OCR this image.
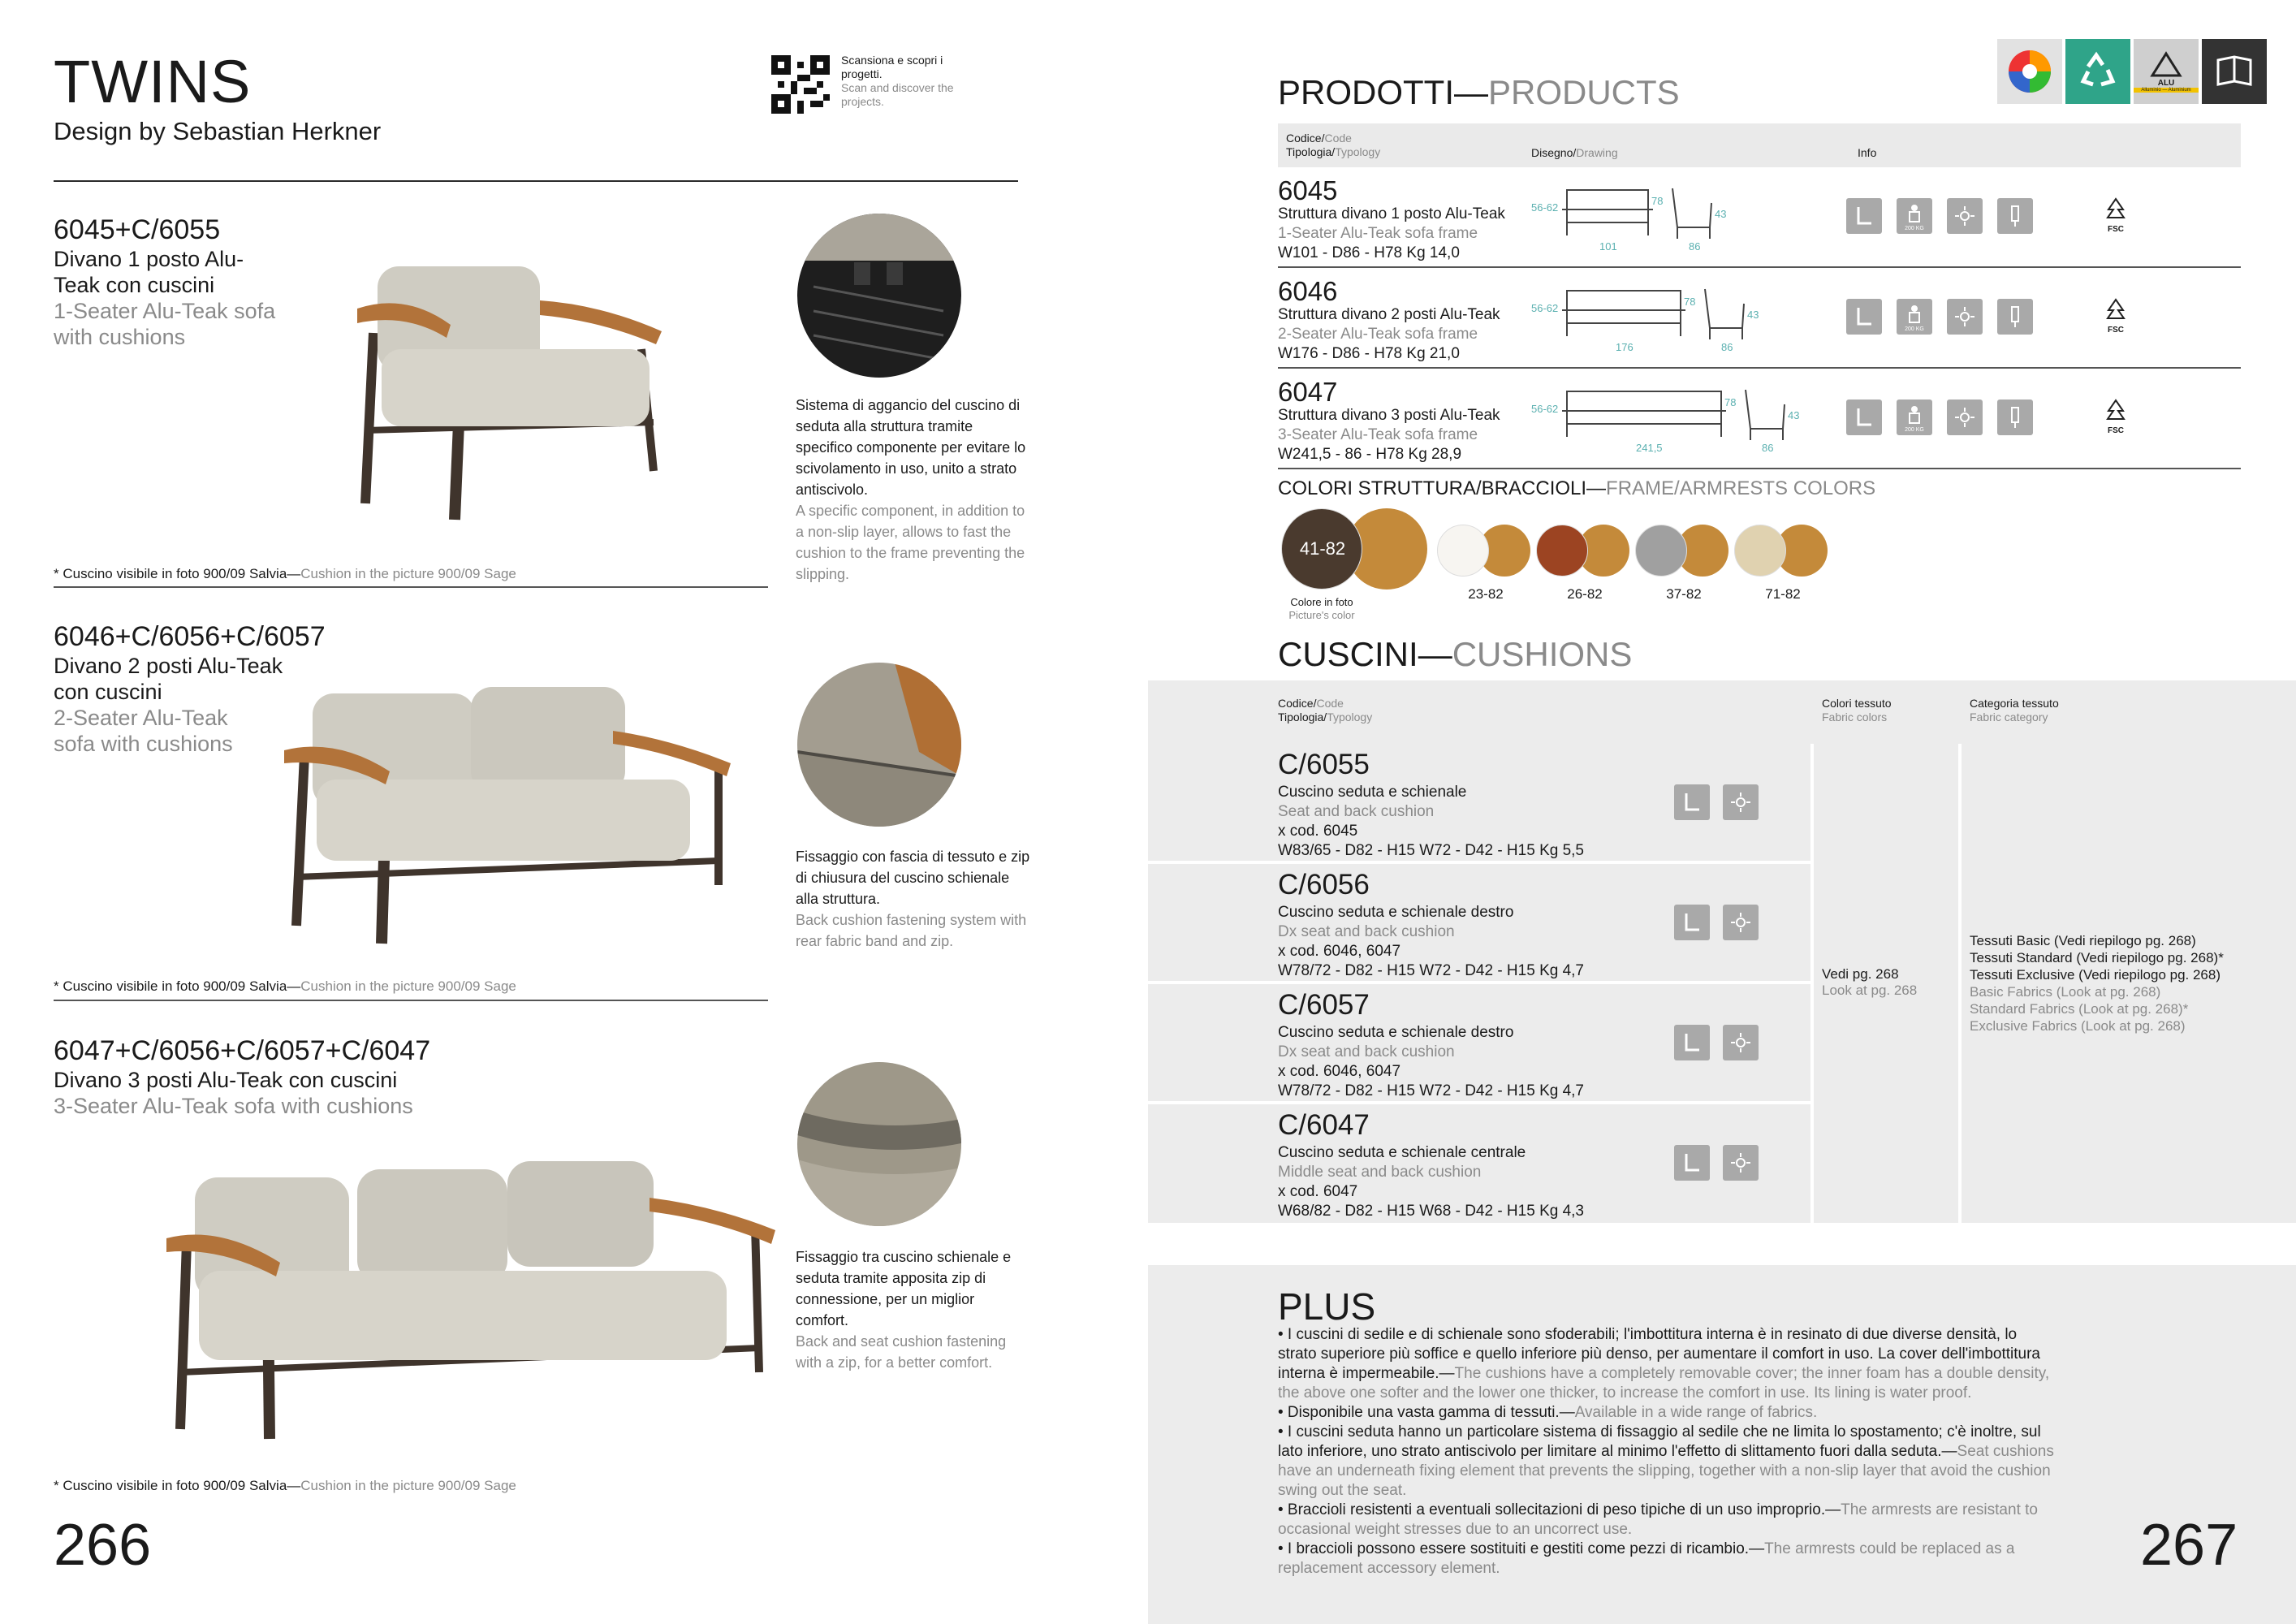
TWINS
Design by Sebastian Herkner
Scansiona e scopri i progetti.
Scan and discover the projects.
6045+C/6055
Divano 1 posto Alu-Teak con cuscini
1-Seater Alu-Teak sofa with cushions
Sistema di aggancio del cuscino di seduta alla struttura tramite specifico componente per evitare lo scivolamento in uso, unito a strato antiscivolo.
A specific component, in addition to a non-slip layer, allows to fast the cushion to the frame preventing the slipping.
* Cuscino visibile in foto 900/09 Salvia—Cushion in the picture 900/09 Sage
6046+C/6056+C/6057
Divano 2 posti Alu-Teak con cuscini
2-Seater Alu-Teak sofa with cushions
Fissaggio con fascia di tessuto e zip di chiusura del cuscino schienale alla struttura.
Back cushion fastening system with rear fabric band and zip.
* Cuscino visibile in foto 900/09 Salvia—Cushion in the picture 900/09 Sage
6047+C/6056+C/6057+C/6047
Divano 3 posti Alu-Teak con cuscini
3-Seater Alu-Teak sofa with cushions
Fissaggio tra cuscino schienale e seduta tramite apposita zip di connessione, per un miglior comfort.
Back and seat cushion fastening with a zip, for a better comfort.
* Cuscino visibile in foto 900/09 Salvia—Cushion in the picture 900/09 Sage
266
ALU
Alluminio — Aluminium
PRODOTTI—PRODUCTS
Codice/Code
Tipologia/Typology	Disegno/Drawing	Info
6045
Struttura divano 1 posto Alu-Teak
1-Seater Alu-Teak sofa frame
W101 - D86 - H78 Kg 14,0
56-62
101
78
86
43
200 KG	FSC
6046
Struttura divano 2 posti Alu-Teak
2-Seater Alu-Teak sofa frame
W176 - D86 - H78 Kg 21,0
56-62
176
78
86
43
200 KG	FSC
6047
Struttura divano 3 posti Alu-Teak
3-Seater Alu-Teak sofa frame
W241,5 - 86 - H78 Kg 28,9
56-62
241,5
78
86
43
200 KG	FSC
COLORI STRUTTURA/BRACCIOLI—FRAME/ARMRESTS COLORS
41-82
Colore in foto
Picture's color
23-82	26-82	37-82	71-82
CUSCINI—CUSHIONS
Codice/Code
Tipologia/Typology
Colori tessuto
Fabric colors
Categoria tessuto
Fabric category
C/6055
Cuscino seduta e schienale
Seat and back cushion
x cod. 6045
W83/65 - D82 - H15 W72 - D42 - H15 Kg 5,5
C/6056
Cuscino seduta e schienale destro
Dx seat and back cushion
x cod. 6046, 6047
W78/72 - D82 - H15 W72 - D42 - H15 Kg 4,7
C/6057
Cuscino seduta e schienale destro
Dx seat and back cushion
x cod. 6046, 6047
W78/72 - D82 - H15 W72 - D42 - H15 Kg 4,7
C/6047
Cuscino seduta e schienale centrale
Middle seat and back cushion
x cod. 6047
W68/82 - D82 - H15 W68 - D42 - H15 Kg 4,3
Vedi pg. 268
Look at pg. 268
Tessuti Basic (Vedi riepilogo pg. 268)
Tessuti Standard (Vedi riepilogo pg. 268)*
Tessuti Exclusive (Vedi riepilogo pg. 268)
Basic Fabrics (Look at pg. 268)
Standard Fabrics (Look at pg. 268)*
Exclusive Fabrics (Look at pg. 268)
PLUS
• I cuscini di sedile e di schienale sono sfoderabili; l'imbottitura interna è in resinato di due diverse densità, lo strato superiore più soffice e quello inferiore più denso, per aumentare il comfort in uso. La cover dell'imbottitura interna è impermeabile.—The cushions have a completely removable cover; the inner foam has a double density, the above one softer and the lower one thicker, to increase the comfort in use. Its lining is water proof.
• Disponibile una vasta gamma di tessuti.—Available in a wide range of fabrics.
• I cuscini seduta hanno un particolare sistema di fissaggio al sedile che ne limita lo spostamento; c'è inoltre, sul lato inferiore, uno strato antiscivolo per limitare al minimo l'effetto di slittamento fuori dalla seduta.—Seat cushions have an underneath fixing element that prevents the slipping, together with a non-slip layer that avoid the cushion swing out the seat.
• Braccioli resistenti a eventuali sollecitazioni di peso tipiche di un uso improprio.—The armrests are resistant to occasional weight stresses due to an uncorrect use.
• I braccioli possono essere sostituiti e gestiti come pezzi di ricambio.—The armrests could be replaced as a replacement accessory element.	267
